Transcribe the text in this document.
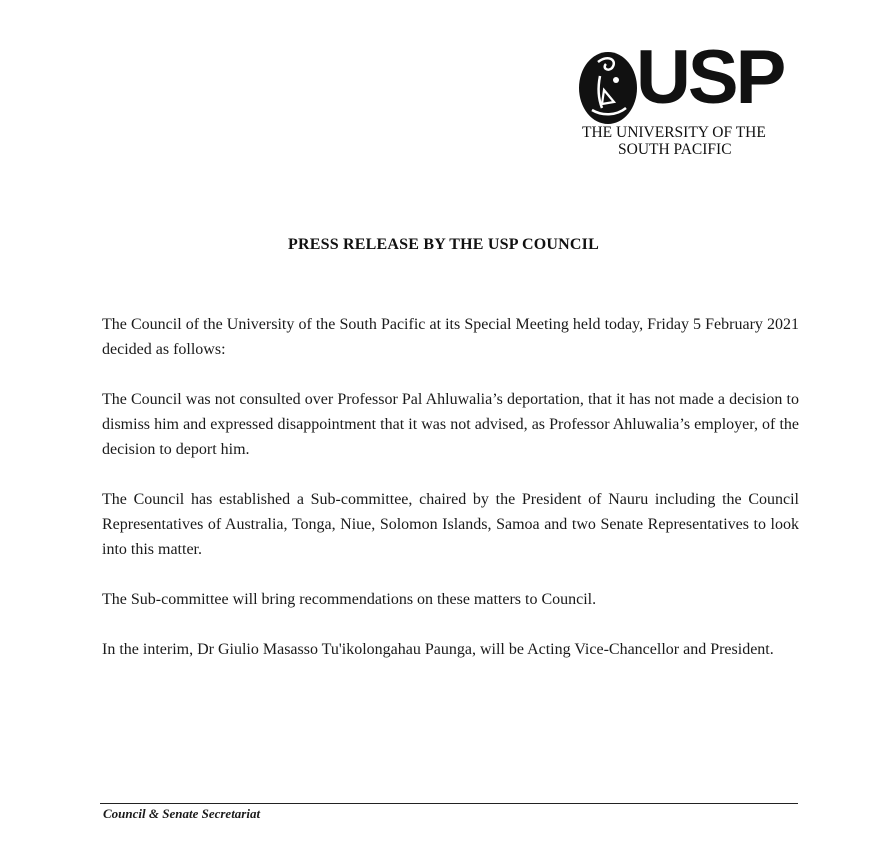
USP
THE UNIVERSITY OF THE
SOUTH PACIFIC
PRESS RELEASE BY THE USP COUNCIL

The Council of the University of the South Pacific at its Special Meeting held today, Friday 5 February 2021 decided as follows:

The Council was not consulted over Professor Pal Ahluwalia’s deportation, that it has not made a decision to dismiss him and expressed disappointment that it was not advised, as Professor Ahluwalia’s employer, of the decision to deport him.

The Council has established a Sub-committee, chaired by the President of Nauru including the Council Representatives of Australia, Tonga, Niue, Solomon Islands, Samoa and two Senate Representatives to look into this matter.

The Sub-committee will bring recommendations on these matters to Council.

In the interim, Dr Giulio Masasso Tu'ikolongahau Paunga, will be Acting Vice-Chancellor and President.

Council & Senate Secretariat
